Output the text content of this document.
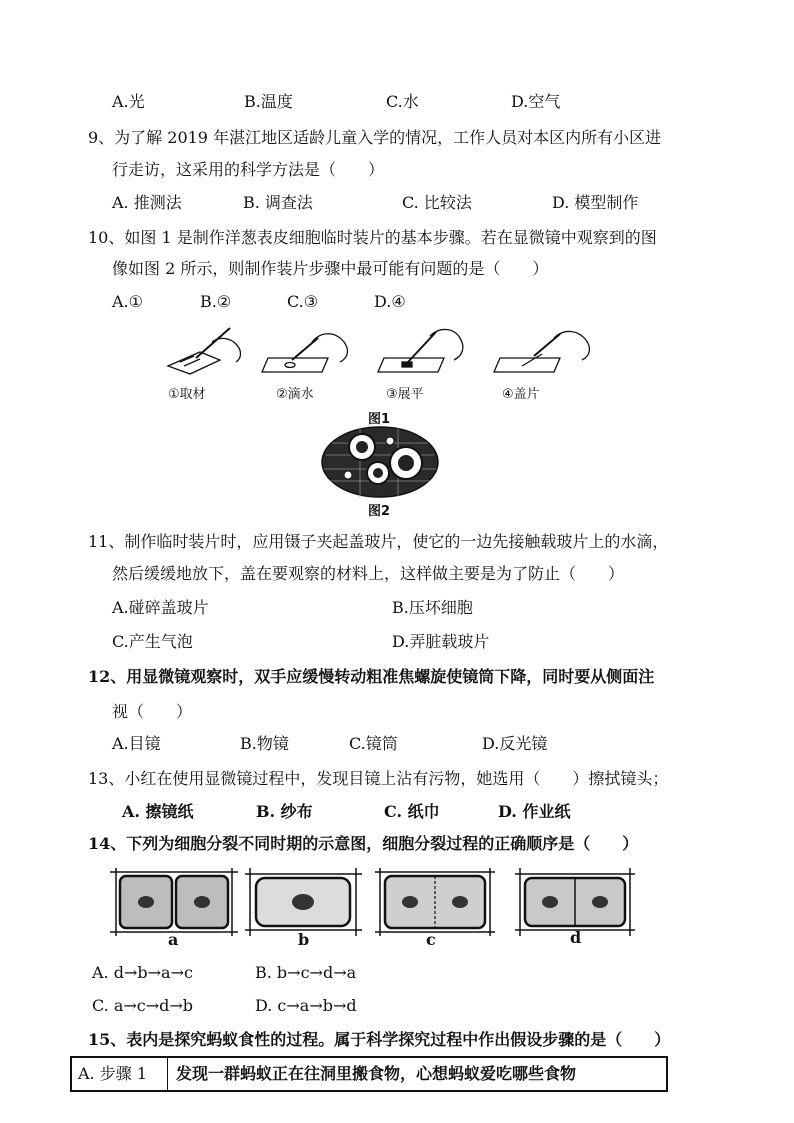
A.光	B.温度	C.水	D.空气
9、为了解 2019 年湛江地区适龄儿童入学的情况，工作人员对本区内所有小区进
行走访，这采用的科学方法是（　　）
A. 推测法	B. 调查法	C. 比较法	D. 模型制作
10、如图 1 是制作洋葱表皮细胞临时装片的基本步骤。若在显微镜中观察到的图
像如图 2 所示，则制作装片步骤中最可能有问题的是（　　）
A.①	B.②	C.③	D.④
①取材	②滴水	③展平	④盖片
图1
图2
11、制作临时装片时，应用镊子夹起盖玻片，使它的一边先接触载玻片上的水滴，
然后缓缓地放下，盖在要观察的材料上，这样做主要是为了防止（　　）
A.碰碎盖玻片	B.压坏细胞
C.产生气泡	D.弄脏载玻片
12、用显微镜观察时，双手应缓慢转动粗准焦螺旋使镜筒下降，同时要从侧面注
视（　　）
A.目镜	B.物镜	C.镜筒	D.反光镜
13、小红在使用显微镜过程中，发现目镜上沾有污物，她选用（　　）擦拭镜头；
A. 擦镜纸	B. 纱布	C. 纸巾	D. 作业纸
14、下列为细胞分裂不同时期的示意图，细胞分裂过程的正确顺序是（　　）
a	b	c	d
A. d→b→a→c	B. b→c→d→a
C. a→c→d→b	D. c→a→b→d
15、表内是探究蚂蚁食性的过程。属于科学探究过程中作出假设步骤的是（　　）
A. 步骤 1	发现一群蚂蚁正在往洞里搬食物，心想蚂蚁爱吃哪些食物
